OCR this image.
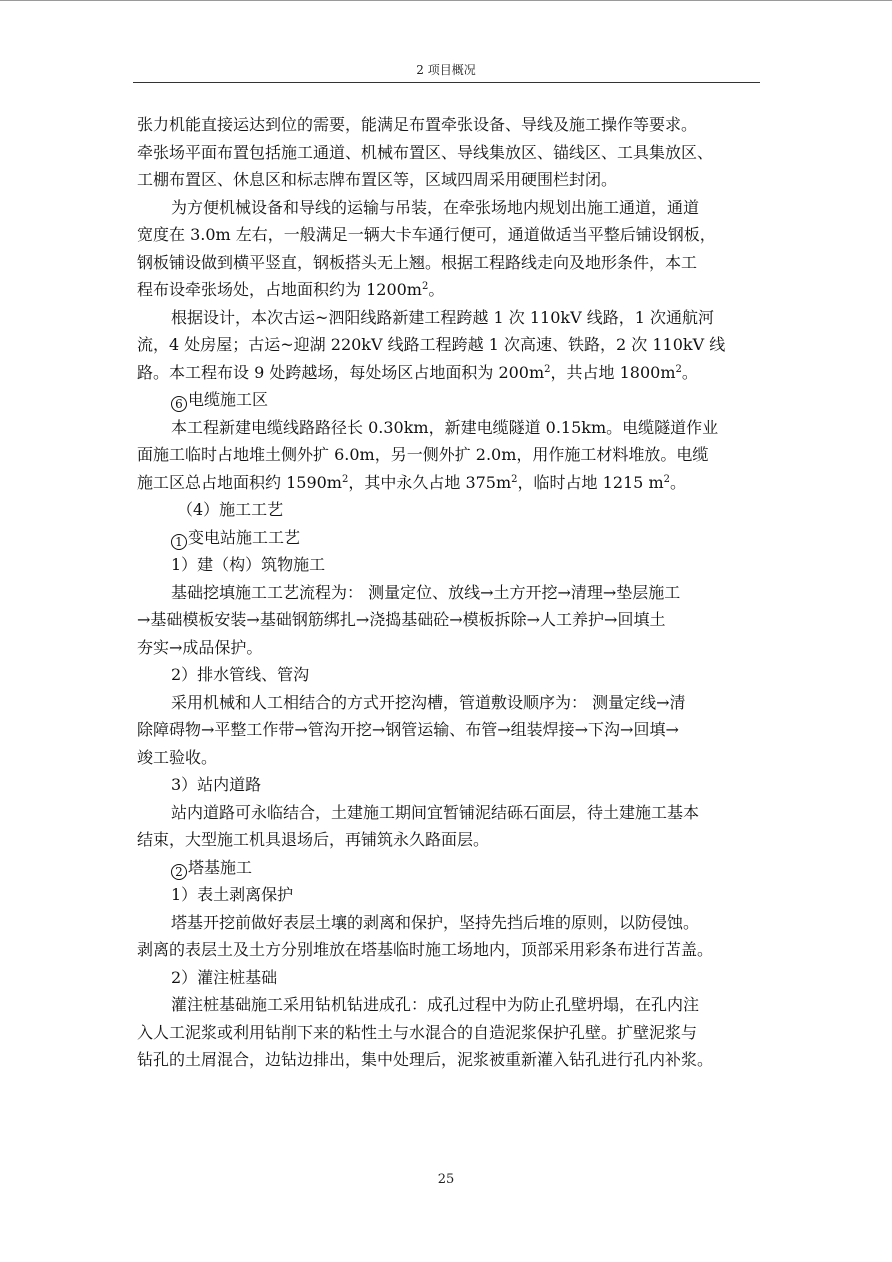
2 项目概况
张力机能直接运达到位的需要，能满足布置牵张设备、导线及施工操作等要求。
牵张场平面布置包括施工通道、机械布置区、导线集放区、锚线区、工具集放区、
工棚布置区、休息区和标志牌布置区等，区域四周采用硬围栏封闭。
为方便机械设备和导线的运输与吊装，在牵张场地内规划出施工通道，通道
宽度在 3.0m 左右，一般满足一辆大卡车通行便可，通道做适当平整后铺设钢板，
钢板铺设做到横平竖直，钢板搭头无上翘。根据工程路线走向及地形条件，本工
程布设牵张场处，占地面积约为 $1200m^2$。
根据设计，本次古运~泗阳线路新建工程跨越 1 次 110kV 线路，1 次通航河
流，4 处房屋；古运~迎湖 220kV 线路工程跨越 1 次高速、铁路，2 次 110kV 线
路。本工程布设 9 处跨越场，每处场区占地面积为 $200m^2$，共占地 $1800m^2$。
6 电缆施工区
本工程新建电缆线路路径长 0.30km，新建电缆隧道 0.15km。电缆隧道作业
面施工临时占地堆土侧外扩 6.0m，另一侧外扩 2.0m，用作施工材料堆放。电缆
施工区总占地面积约 $1590m^2$，其中永久占地 $375m^2$，临时占地 1215 $m^2$。
（4）施工工艺
1 变电站施工工艺
1）建（构）筑物施工
基础挖填施工工艺流程为： 测量定位、放线→土方开挖→清理→垫层施工
→基础模板安装→基础钢筋绑扎→浇捣基础砼→模板拆除→人工养护→回填土
夯实→成品保护。
2）排水管线、管沟
采用机械和人工相结合的方式开挖沟槽，管道敷设顺序为： 测量定线→清
除障碍物→平整工作带→管沟开挖→钢管运输、布管→组装焊接→下沟→回填→
竣工验收。
3）站内道路
站内道路可永临结合，土建施工期间宜暂铺泥结砾石面层，待土建施工基本
结束，大型施工机具退场后，再铺筑永久路面层。
2 塔基施工
1）表土剥离保护
塔基开挖前做好表层土壤的剥离和保护，坚持先挡后堆的原则，以防侵蚀。
剥离的表层土及土方分别堆放在塔基临时施工场地内，顶部采用彩条布进行苫盖。
2）灌注桩基础
灌注桩基础施工采用钻机钻进成孔：成孔过程中为防止孔壁坍塌，在孔内注
入人工泥浆或利用钻削下来的粘性土与水混合的自造泥浆保护孔壁。扩壁泥浆与
钻孔的土屑混合，边钻边排出，集中处理后，泥浆被重新灌入钻孔进行孔内补浆。
25
